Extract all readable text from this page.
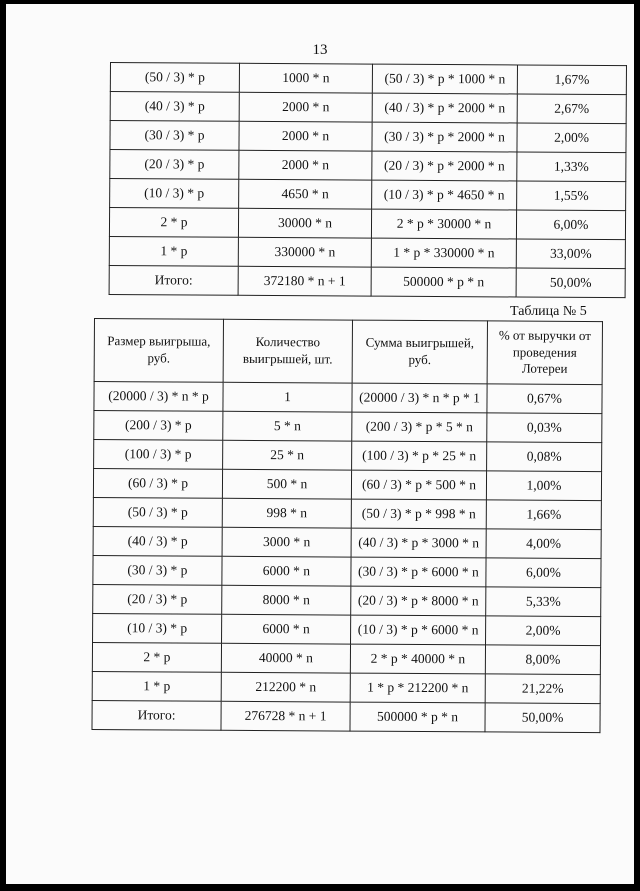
13
(50 / 3) * p	1000 * n	(50 / 3) * p * 1000 * n	1,67%
(40 / 3) * p	2000 * n	(40 / 3) * p * 2000 * n	2,67%
(30 / 3) * p	2000 * n	(30 / 3) * p * 2000 * n	2,00%
(20 / 3) * p	2000 * n	(20 / 3) * p * 2000 * n	1,33%
(10 / 3) * p	4650 * n	(10 / 3) * p * 4650 * n	1,55%
2 * p	30000 * n	2 * p * 30000 * n	6,00%
1 * p	330000 * n	1 * p * 330000 * n	33,00%
Итого:	372180 * n + 1	500000 * p * n	50,00%
Таблица № 5
Размер выигрыша, руб.	Количество выигрышей, шт.	Сумма выигрышей, руб.	% от выручки от проведения Лотереи
(20000 / 3) * n * p	1	(20000 / 3) * n * p * 1	0,67%
(200 / 3) * p	5 * n	(200 / 3) * p * 5 * n	0,03%
(100 / 3) * p	25 * n	(100 / 3) * p * 25 * n	0,08%
(60 / 3) * p	500 * n	(60 / 3) * p * 500 * n	1,00%
(50 / 3) * p	998 * n	(50 / 3) * p * 998 * n	1,66%
(40 / 3) * p	3000 * n	(40 / 3) * p * 3000 * n	4,00%
(30 / 3) * p	6000 * n	(30 / 3) * p * 6000 * n	6,00%
(20 / 3) * p	8000 * n	(20 / 3) * p * 8000 * n	5,33%
(10 / 3) * p	6000 * n	(10 / 3) * p * 6000 * n	2,00%
2 * p	40000 * n	2 * p * 40000 * n	8,00%
1 * p	212200 * n	1 * p * 212200 * n	21,22%
Итого:	276728 * n + 1	500000 * p * n	50,00%
